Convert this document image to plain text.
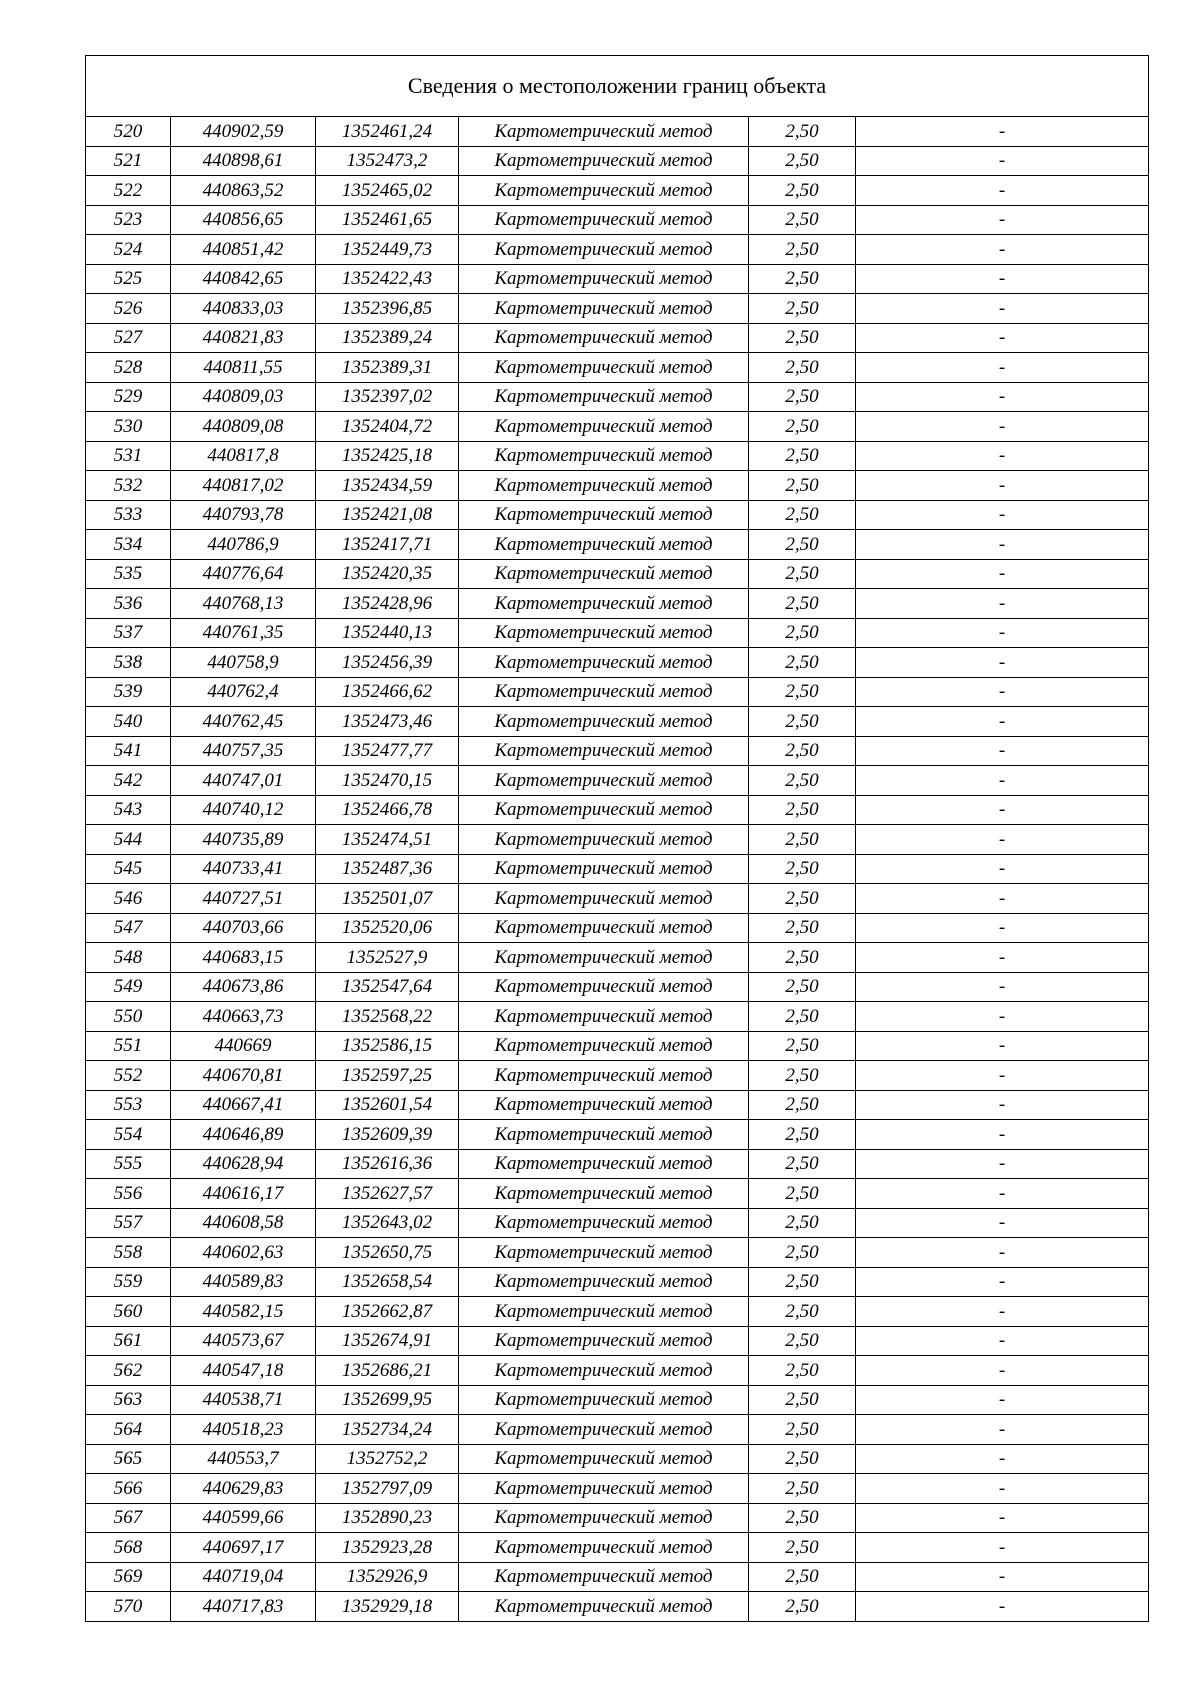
Сведения о местоположении границ объекта					
520	440902,59	1352461,24	Картометрический метод	2,50	-
521	440898,61	1352473,2	Картометрический метод	2,50	-
522	440863,52	1352465,02	Картометрический метод	2,50	-
523	440856,65	1352461,65	Картометрический метод	2,50	-
524	440851,42	1352449,73	Картометрический метод	2,50	-
525	440842,65	1352422,43	Картометрический метод	2,50	-
526	440833,03	1352396,85	Картометрический метод	2,50	-
527	440821,83	1352389,24	Картометрический метод	2,50	-
528	440811,55	1352389,31	Картометрический метод	2,50	-
529	440809,03	1352397,02	Картометрический метод	2,50	-
530	440809,08	1352404,72	Картометрический метод	2,50	-
531	440817,8	1352425,18	Картометрический метод	2,50	-
532	440817,02	1352434,59	Картометрический метод	2,50	-
533	440793,78	1352421,08	Картометрический метод	2,50	-
534	440786,9	1352417,71	Картометрический метод	2,50	-
535	440776,64	1352420,35	Картометрический метод	2,50	-
536	440768,13	1352428,96	Картометрический метод	2,50	-
537	440761,35	1352440,13	Картометрический метод	2,50	-
538	440758,9	1352456,39	Картометрический метод	2,50	-
539	440762,4	1352466,62	Картометрический метод	2,50	-
540	440762,45	1352473,46	Картометрический метод	2,50	-
541	440757,35	1352477,77	Картометрический метод	2,50	-
542	440747,01	1352470,15	Картометрический метод	2,50	-
543	440740,12	1352466,78	Картометрический метод	2,50	-
544	440735,89	1352474,51	Картометрический метод	2,50	-
545	440733,41	1352487,36	Картометрический метод	2,50	-
546	440727,51	1352501,07	Картометрический метод	2,50	-
547	440703,66	1352520,06	Картометрический метод	2,50	-
548	440683,15	1352527,9	Картометрический метод	2,50	-
549	440673,86	1352547,64	Картометрический метод	2,50	-
550	440663,73	1352568,22	Картометрический метод	2,50	-
551	440669	1352586,15	Картометрический метод	2,50	-
552	440670,81	1352597,25	Картометрический метод	2,50	-
553	440667,41	1352601,54	Картометрический метод	2,50	-
554	440646,89	1352609,39	Картометрический метод	2,50	-
555	440628,94	1352616,36	Картометрический метод	2,50	-
556	440616,17	1352627,57	Картометрический метод	2,50	-
557	440608,58	1352643,02	Картометрический метод	2,50	-
558	440602,63	1352650,75	Картометрический метод	2,50	-
559	440589,83	1352658,54	Картометрический метод	2,50	-
560	440582,15	1352662,87	Картометрический метод	2,50	-
561	440573,67	1352674,91	Картометрический метод	2,50	-
562	440547,18	1352686,21	Картометрический метод	2,50	-
563	440538,71	1352699,95	Картометрический метод	2,50	-
564	440518,23	1352734,24	Картометрический метод	2,50	-
565	440553,7	1352752,2	Картометрический метод	2,50	-
566	440629,83	1352797,09	Картометрический метод	2,50	-
567	440599,66	1352890,23	Картометрический метод	2,50	-
568	440697,17	1352923,28	Картометрический метод	2,50	-
569	440719,04	1352926,9	Картометрический метод	2,50	-
570	440717,83	1352929,18	Картометрический метод	2,50	-
